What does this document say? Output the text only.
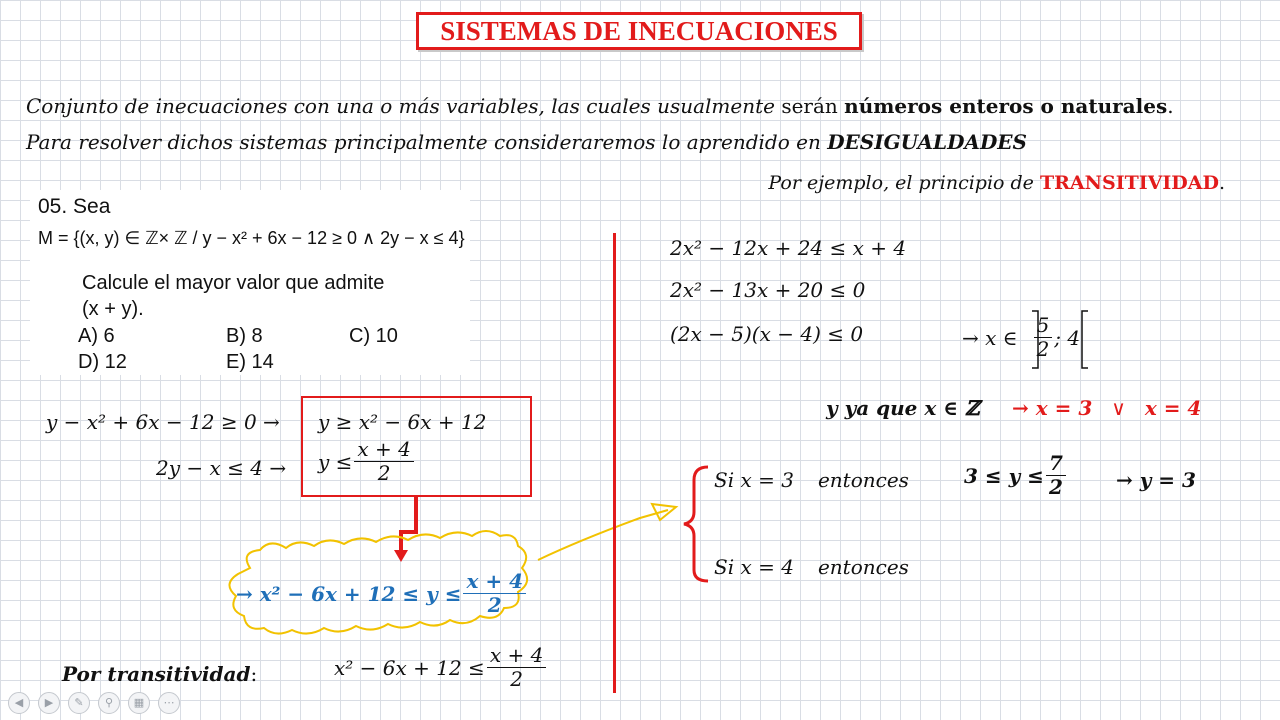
SISTEMAS DE INECUACIONES
Conjunto de inecuaciones con una o más variables, las cuales usualmente serán números enteros o naturales.
Para resolver dichos sistemas principalmente consideraremos lo aprendido en DESIGUALDADES
Por ejemplo, el principio de TRANSITIVIDAD.
05. Sea
M = {(x, y) ∈ ℤ× ℤ / y − x² + 6x − 12 ≥ 0 ∧ 2y − x ≤ 4}
Calcule el mayor valor que admite
(x + y).
A) 6	B) 8	C) 10
D) 12	E) 14
y − x² + 6x − 12 ≥ 0 → y ≥ x² − 6x + 12
$2y - x \le 4 \to y \le \frac{x + 4}{2}$
→ $x^2 - 6x + 12 \le y \le \frac{x + 4}{2}$
Por transitividad:	$x^2 - 6x + 12 \le \frac{x + 4}{2}$
2x² − 12x + 24 ≤ x + 4
2x² − 13x + 20 ≤ 0
(2x − 5)(x − 4) ≤ 0	→ x ∈ $\frac{5}{2}$ ; 4
y ya que x ∈ ℤ → x = 3 ∨ x = 4
Si x = 3 entonces	$3 \le y \le \frac{7}{2}$	→ y = 3
Si x = 4 entonces
◀	▶	✎	⚲	▦	⋯
